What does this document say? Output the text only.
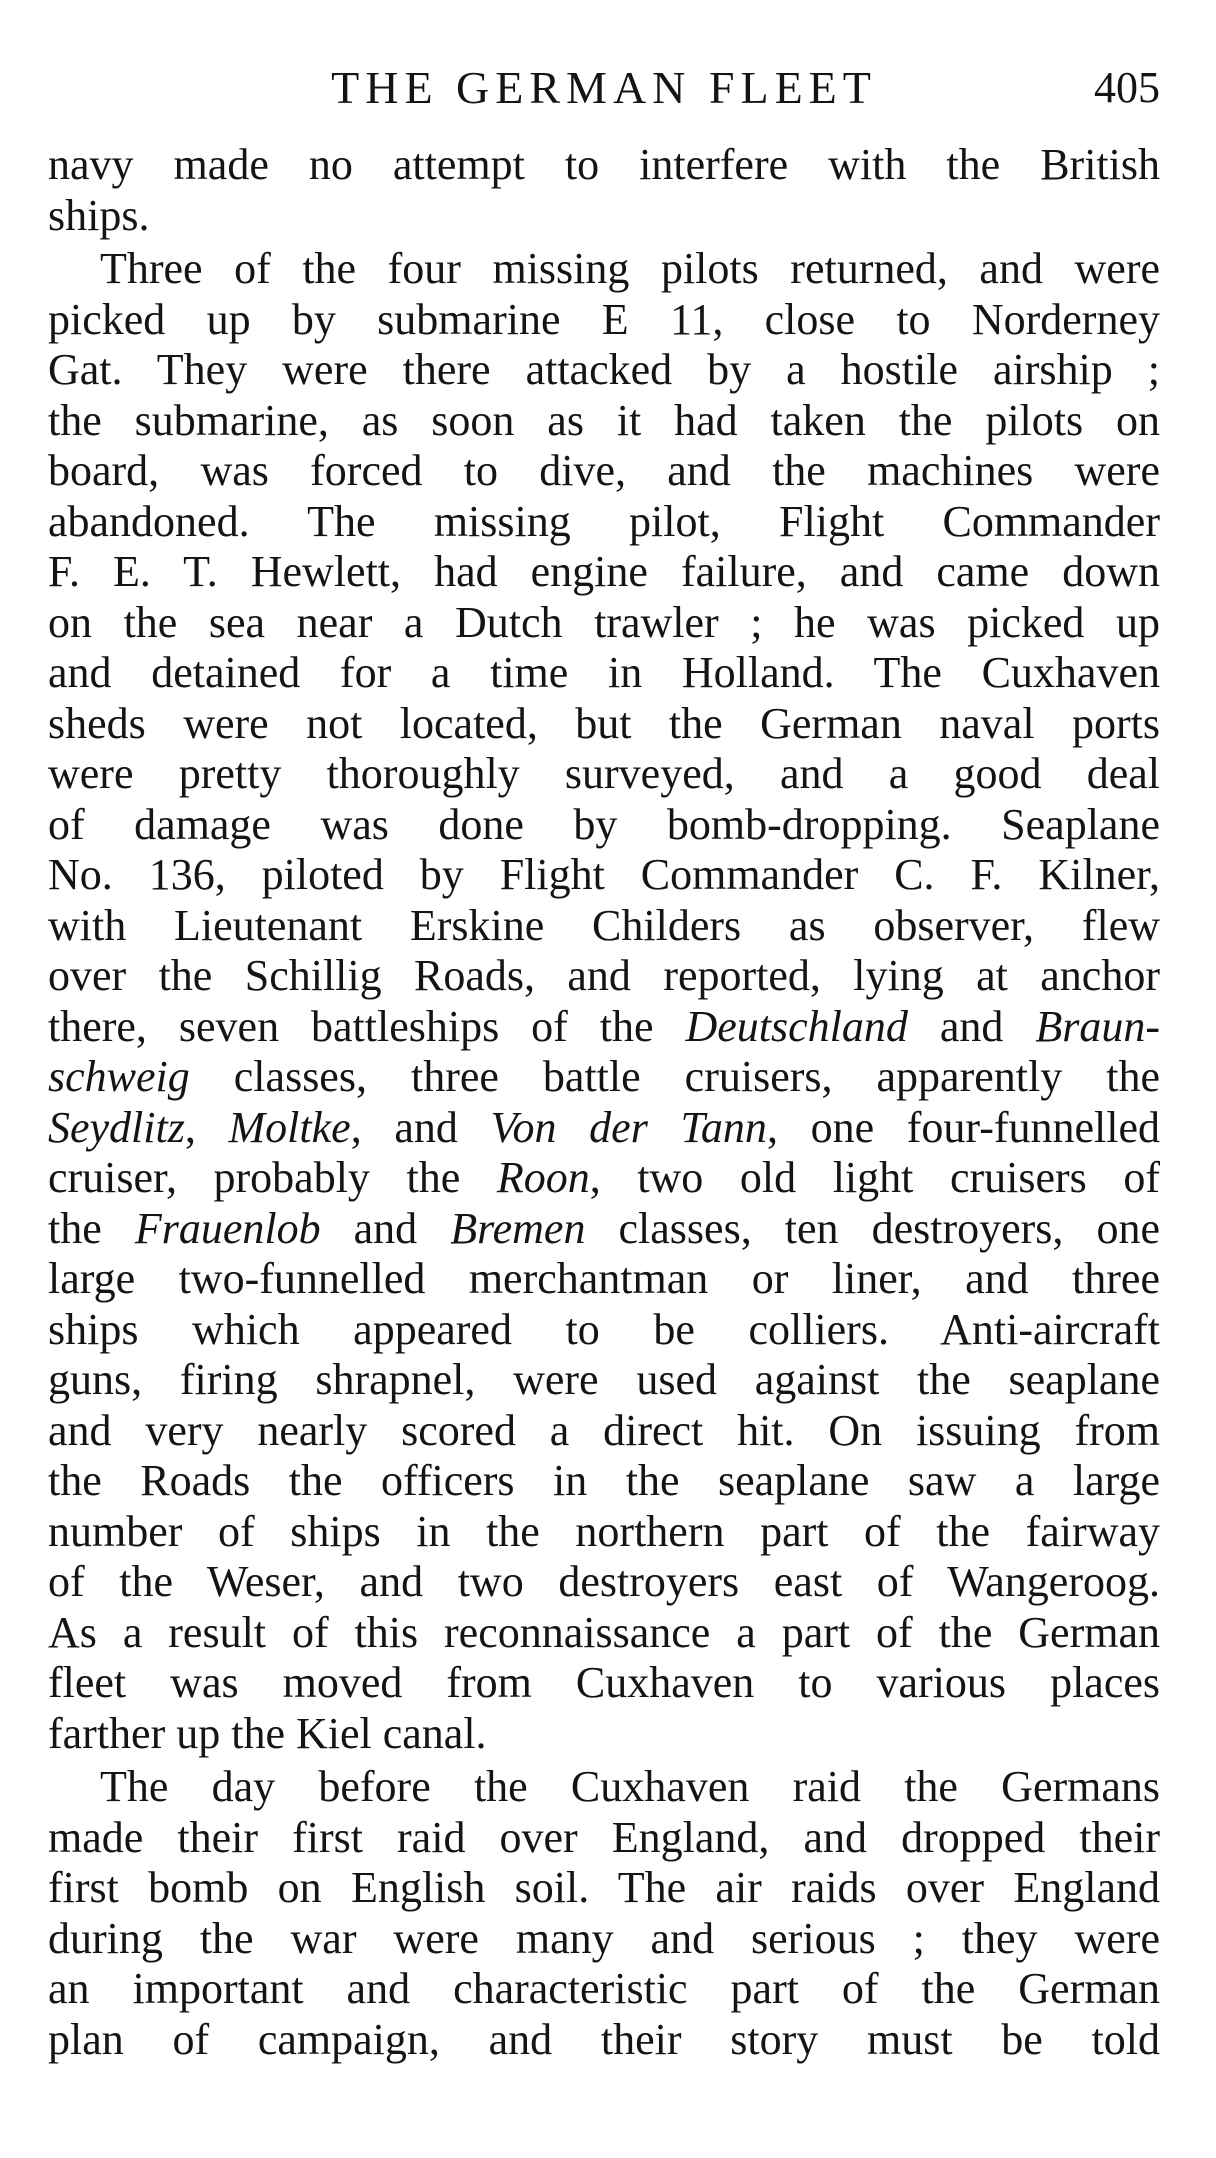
THE GERMAN FLEET	405
navy made no attempt to interfere with the British
ships.
Three of the four missing pilots returned, and were
picked up by submarine E 11, close to Norderney
Gat. They were there attacked by a hostile airship ;
the submarine, as soon as it had taken the pilots on
board, was forced to dive, and the machines were
abandoned. The missing pilot, Flight Commander
F. E. T. Hewlett, had engine failure, and came down
on the sea near a Dutch trawler ; he was picked up
and detained for a time in Holland. The Cuxhaven
sheds were not located, but the German naval ports
were pretty thoroughly surveyed, and a good deal
of damage was done by bomb-dropping. Seaplane
No. 136, piloted by Flight Commander C. F. Kilner,
with Lieutenant Erskine Childers as observer, flew
over the Schillig Roads, and reported, lying at anchor
there, seven battleships of the Deutschland and Braun-
schweig classes, three battle cruisers, apparently the
Seydlitz, Moltke, and Von der Tann, one four-funnelled
cruiser, probably the Roon, two old light cruisers of
the Frauenlob and Bremen classes, ten destroyers, one
large two-funnelled merchantman or liner, and three
ships which appeared to be colliers. Anti-aircraft
guns, firing shrapnel, were used against the seaplane
and very nearly scored a direct hit. On issuing from
the Roads the officers in the seaplane saw a large
number of ships in the northern part of the fairway
of the Weser, and two destroyers east of Wangeroog.
As a result of this reconnaissance a part of the German
fleet was moved from Cuxhaven to various places
farther up the Kiel canal.
The day before the Cuxhaven raid the Germans
made their first raid over England, and dropped their
first bomb on English soil. The air raids over England
during the war were many and serious ; they were
an important and characteristic part of the German
plan of campaign, and their story must be told
